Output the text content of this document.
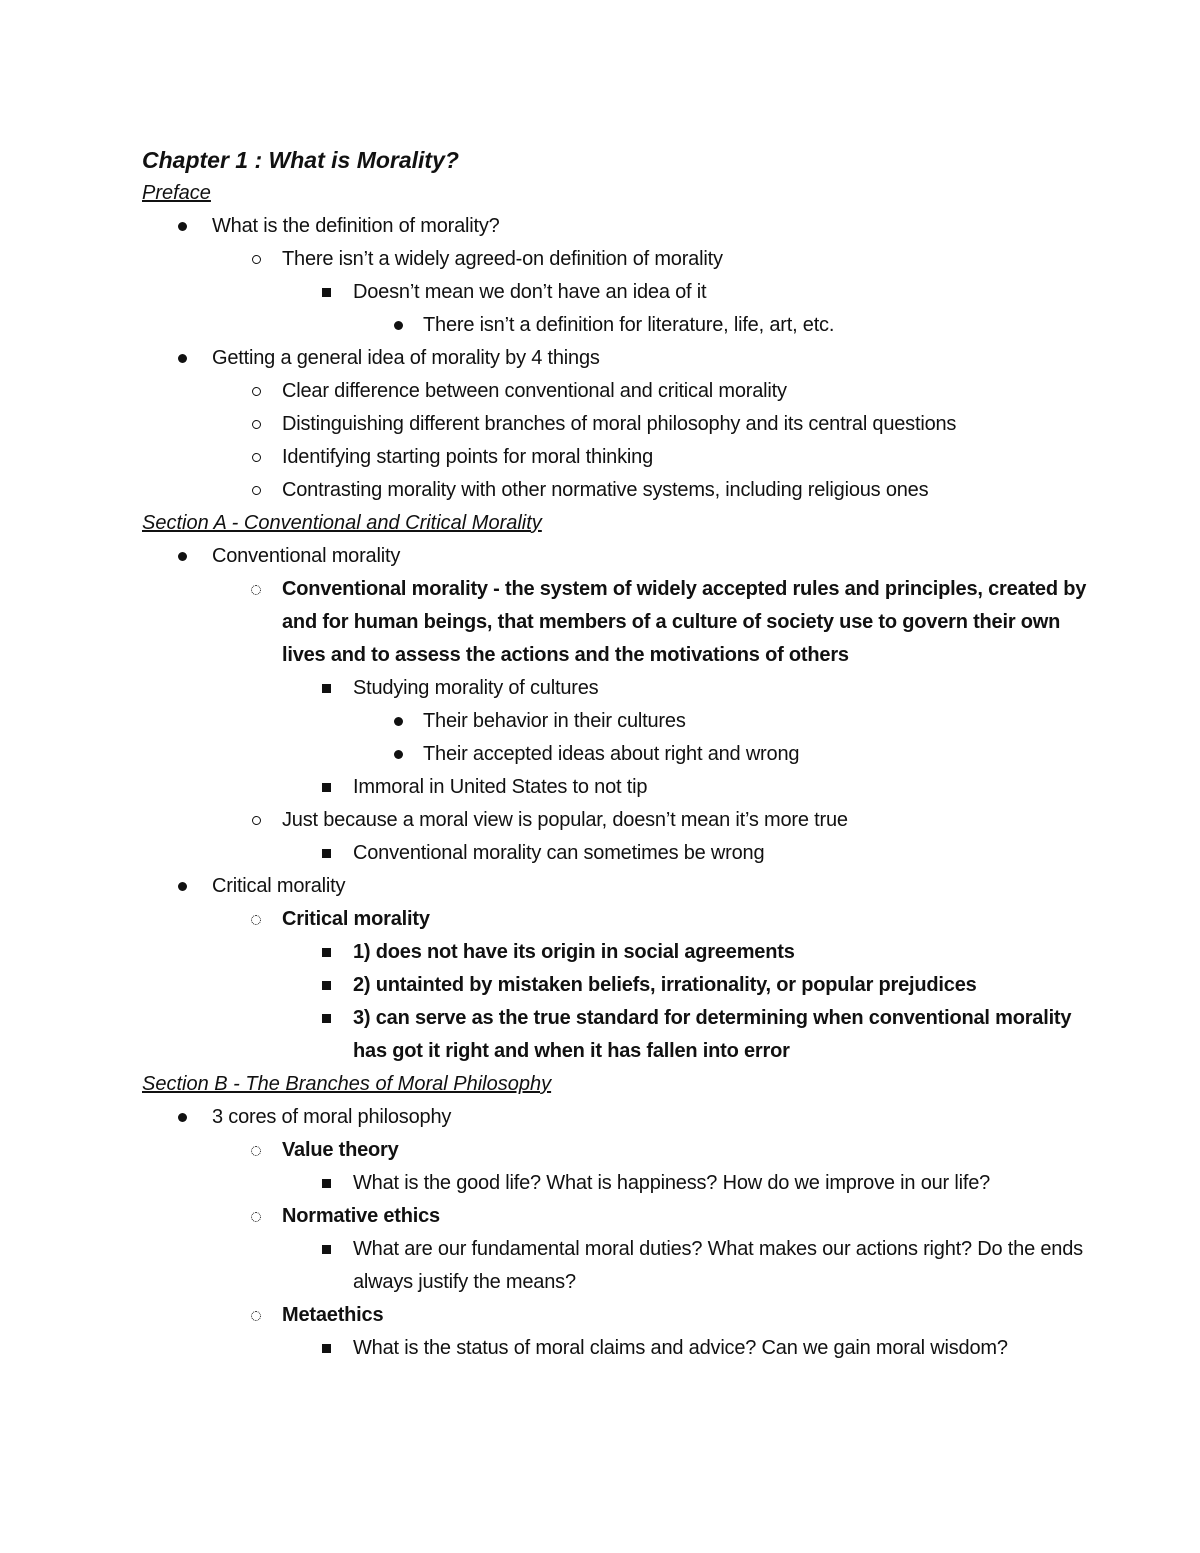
Chapter 1 : What is Morality?
Preface
What is the definition of morality?
There isn’t a widely agreed-on definition of morality
Doesn’t mean we don’t have an idea of it
There isn’t a definition for literature, life, art, etc.
Getting a general idea of morality by 4 things
Clear difference between conventional and critical morality
Distinguishing different branches of moral philosophy and its central questions
Identifying starting points for moral thinking
Contrasting morality with other normative systems, including religious ones
Section A - Conventional and Critical Morality
Conventional morality
Conventional morality - the system of widely accepted rules and principles, created by and for human beings, that members of a culture of society use to govern their own lives and to assess the actions and the motivations of others
Studying morality of cultures
Their behavior in their cultures
Their accepted ideas about right and wrong
Immoral in United States to not tip
Just because a moral view is popular, doesn’t mean it’s more true
Conventional morality can sometimes be wrong
Critical morality
Critical morality
1) does not have its origin in social agreements
2) untainted by mistaken beliefs, irrationality, or popular prejudices
3) can serve as the true standard for determining when conventional morality has got it right and when it has fallen into error
Section B - The Branches of Moral Philosophy
3 cores of moral philosophy
Value theory
What is the good life? What is happiness? How do we improve in our life?
Normative ethics
What are our fundamental moral duties? What makes our actions right? Do the ends always justify the means?
Metaethics
What is the status of moral claims and advice? Can we gain moral wisdom?
